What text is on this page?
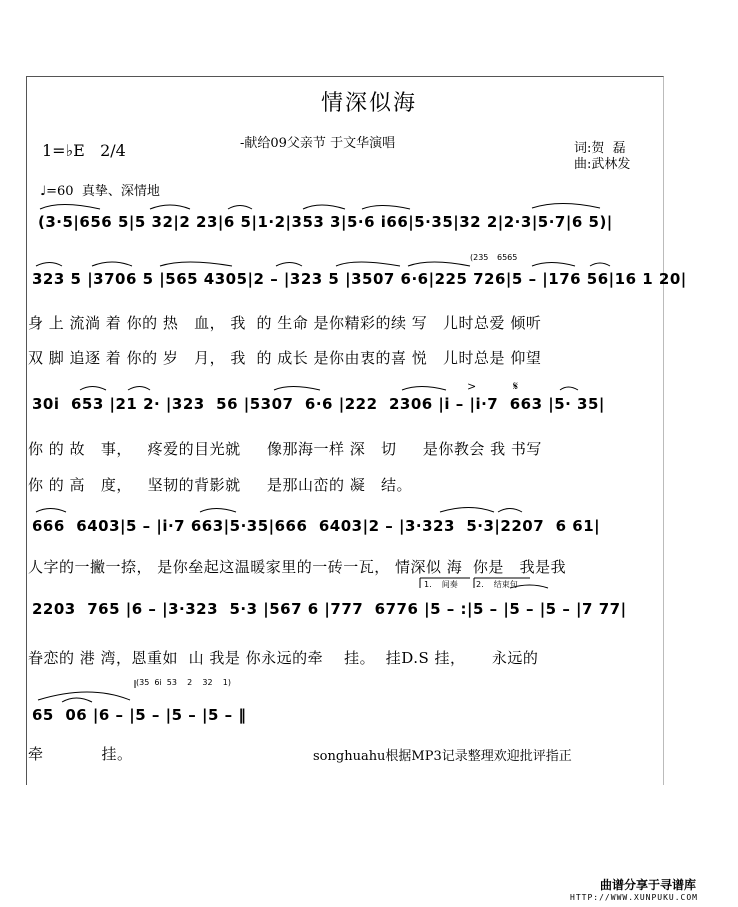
情深似海
-献给09父亲节 于文华演唱
1=♭E   2/4	词:贺  磊
曲:武林发
♩=60  真挚、深情地
(235 6565
𝄋
>
1.    间奏 2.    结束句
(35  6i  53    2    32    1)
(3·5|656 5|5 32|2 23|6 5|1·2|353 3|5·6 i66|5·35|32 2|2·3|5·7|6 5)|
323 5 |3706 5 |565 4305|2 – |323 5 |3507 6·6|225 726|5 – |176 56|16 1 20|
30i  653 |21 2· |323  56 |5307  6·6 |222  2306 |i – |i·7  663 |5· 35|
666  6403|5 – |i·7 663|5·35|666  6403|2 – |3·323  5·3|2207  6 61|
2203  765 |6 – |3·323  5·3 |567 6 |777  6776 |5 – :|5 – |5 – |5 – |7 77|
65  06 |6 – |5 – |5 – |5 – ‖
身 上 流淌 着 你的 热   血， 我  的 生命 是你精彩的续 写   儿时总爱 倾听
双 脚 追逐 着 你的 岁   月， 我  的 成长 是你由衷的喜 悦   儿时总是 仰望
你 的 故   事，   疼爱的目光就     像那海一样 深   切     是你教会 我 书写
你 的 高   度，   坚韧的背影就     是那山峦的 凝   结。
人字的一撇一捺， 是你垒起这温暖家里的一砖一瓦， 情深似 海  你是   我是我
眷恋的 港 湾，恩重如  山 我是 你永远的牵    挂。  挂D.S 挂，     永远的
牵           挂。	songhuahu根据MP3记录整理欢迎批评指正
曲谱分享于寻谱库
HTTP://WWW.XUNPUKU.COM
